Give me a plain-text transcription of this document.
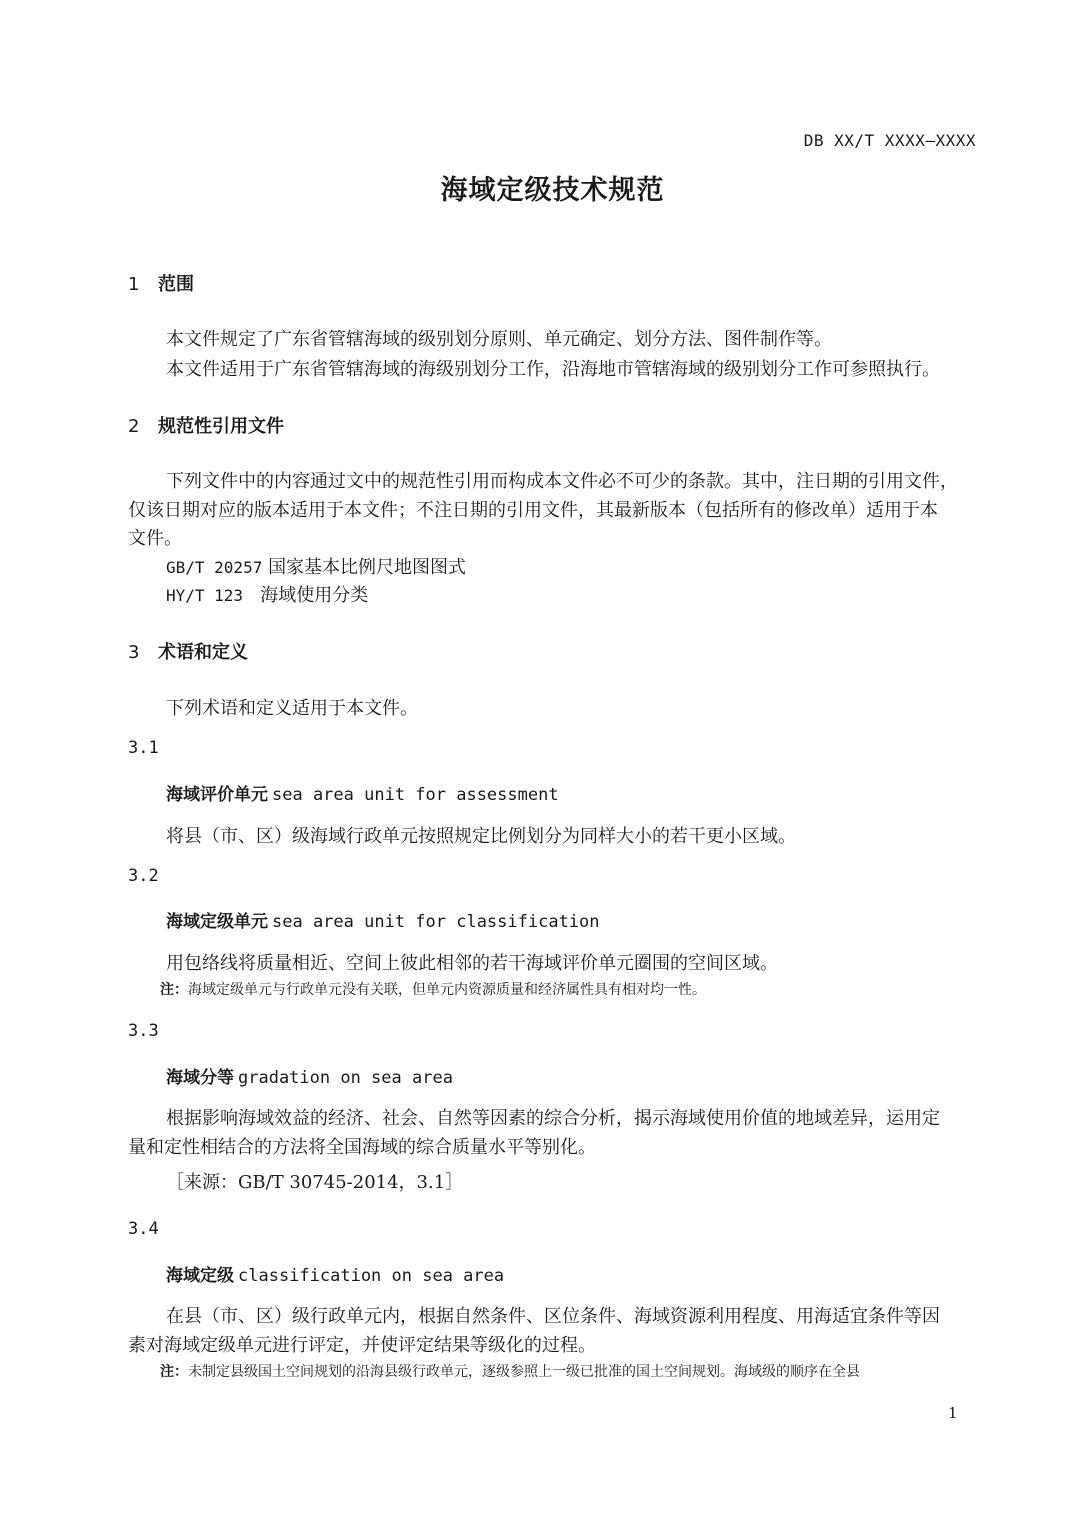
DB XX/T XXXX—XXXX
海域定级技术规范
1 范围
本文件规定了广东省管辖海域的级别划分原则、单元确定、划分方法、图件制作等。
本文件适用于广东省管辖海域的海级别划分工作，沿海地市管辖海域的级别划分工作可参照执行。
2 规范性引用文件
下列文件中的内容通过文中的规范性引用而构成本文件必不可少的条款。其中，注日期的引用文件，
仅该日期对应的版本适用于本文件；不注日期的引用文件，其最新版本（包括所有的修改单）适用于本
文件。
GB/T 20257 国家基本比例尺地图图式
HY/T 123 海域使用分类
3 术语和定义
下列术语和定义适用于本文件。
3.1
海域评价单元 sea area unit for assessment
将县（市、区）级海域行政单元按照规定比例划分为同样大小的若干更小区域。
3.2
海域定级单元 sea area unit for classification
用包络线将质量相近、空间上彼此相邻的若干海域评价单元圈围的空间区域。
注：海域定级单元与行政单元没有关联，但单元内资源质量和经济属性具有相对均一性。
3.3
海域分等 gradation on sea area
根据影响海域效益的经济、社会、自然等因素的综合分析，揭示海域使用价值的地域差异，运用定
量和定性相结合的方法将全国海域的综合质量水平等别化。
［来源：GB/T 30745-2014，3.1］
3.4
海域定级 classification on sea area
在县（市、区）级行政单元内，根据自然条件、区位条件、海域资源利用程度、用海适宜条件等因
素对海域定级单元进行评定，并使评定结果等级化的过程。
注：未制定县级国土空间规划的沿海县级行政单元，逐级参照上一级已批准的国土空间规划。海域级的顺序在全县
1
